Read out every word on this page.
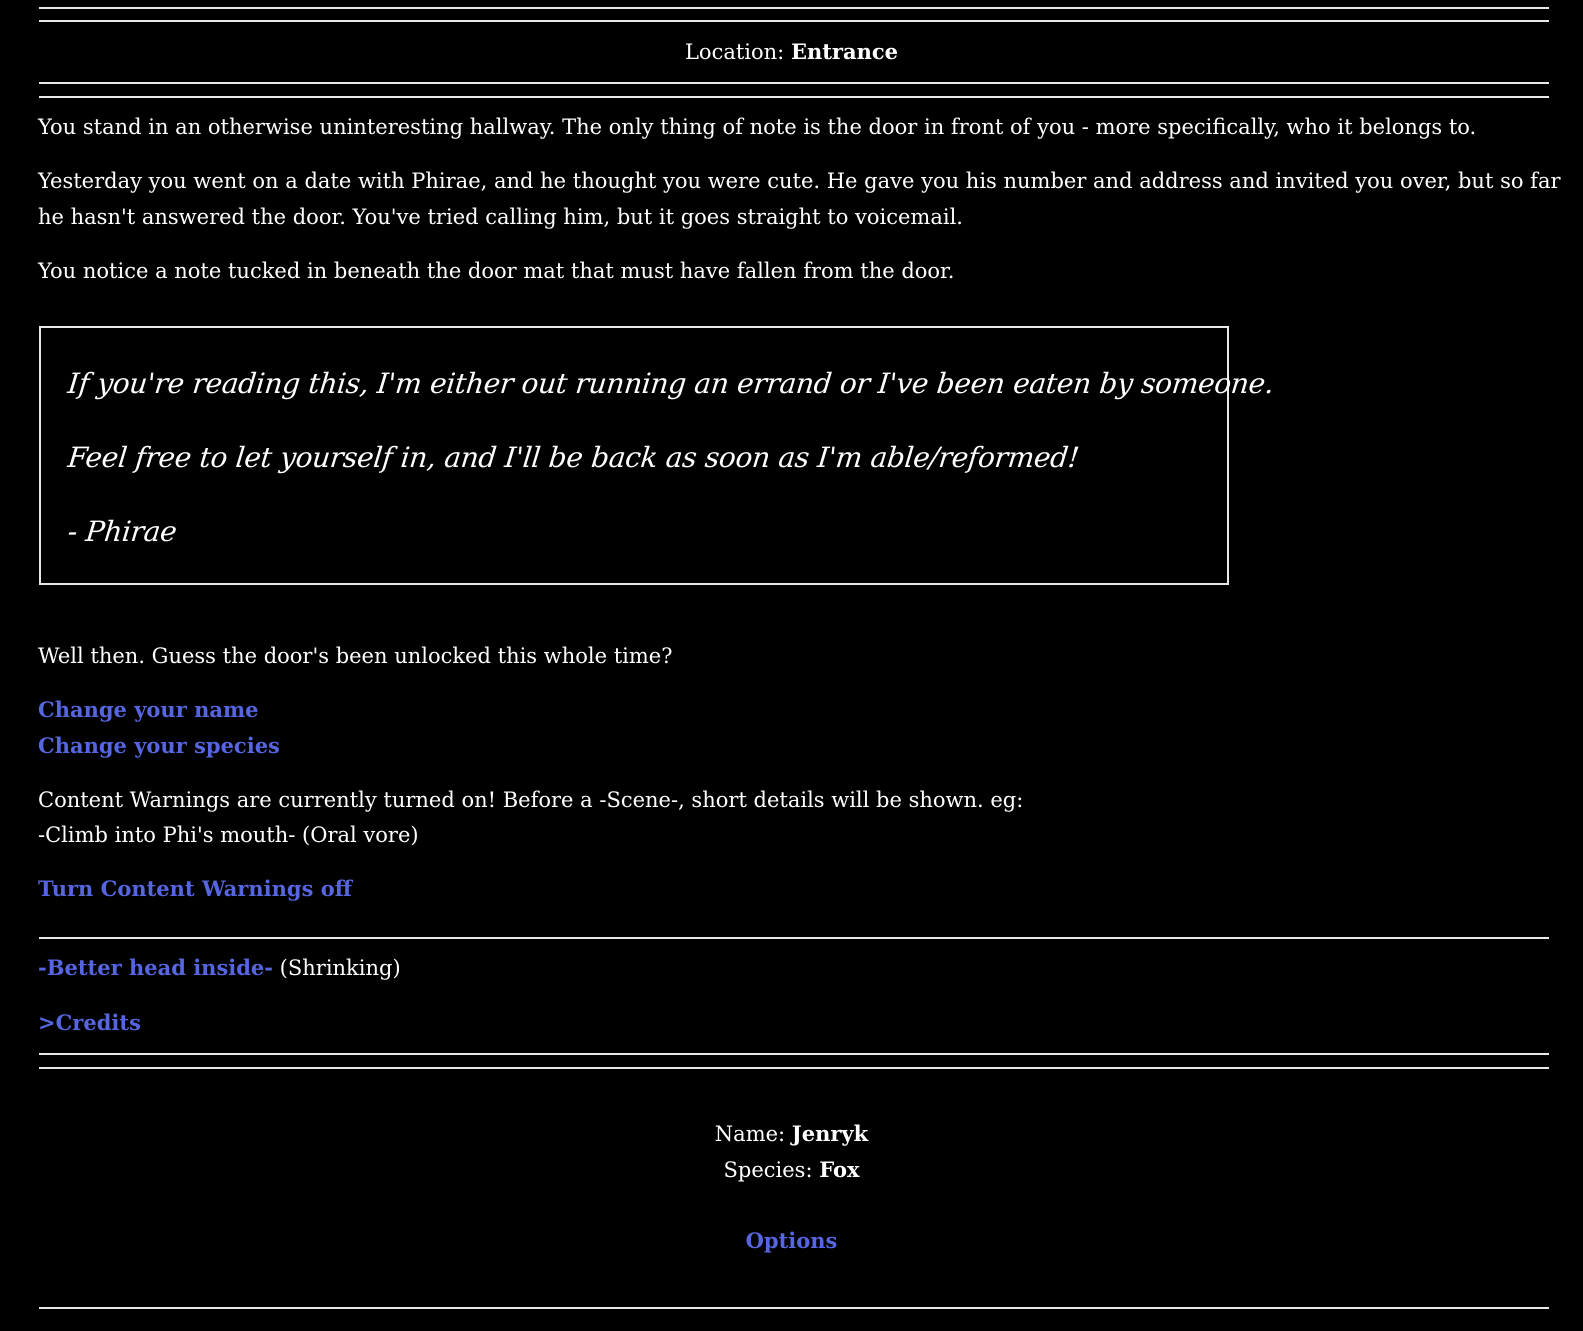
Location: Entrance

You stand in an otherwise uninteresting hallway. The only thing of note is the door in front of you - more specifically, who it belongs to.

Yesterday you went on a date with Phirae, and he thought you were cute. He gave you his number and address and invited you over, but so far

he hasn't answered the door. You've tried calling him, but it goes straight to voicemail.

You notice a note tucked in beneath the door mat that must have fallen from the door.

If you're reading this, I'm either out running an errand or I've been eaten by someone.

Feel free to let yourself in, and I'll be back as soon as I'm able/reformed!

- Phirae

Well then. Guess the door's been unlocked this whole time?

Change your name

Change your species

Content Warnings are currently turned on! Before a -Scene-, short details will be shown. eg:

-Climb into Phi's mouth- (Oral vore)

Turn Content Warnings off

-Better head inside- (Shrinking)

>Credits

Name: Jenryk
Species: Fox
Options
